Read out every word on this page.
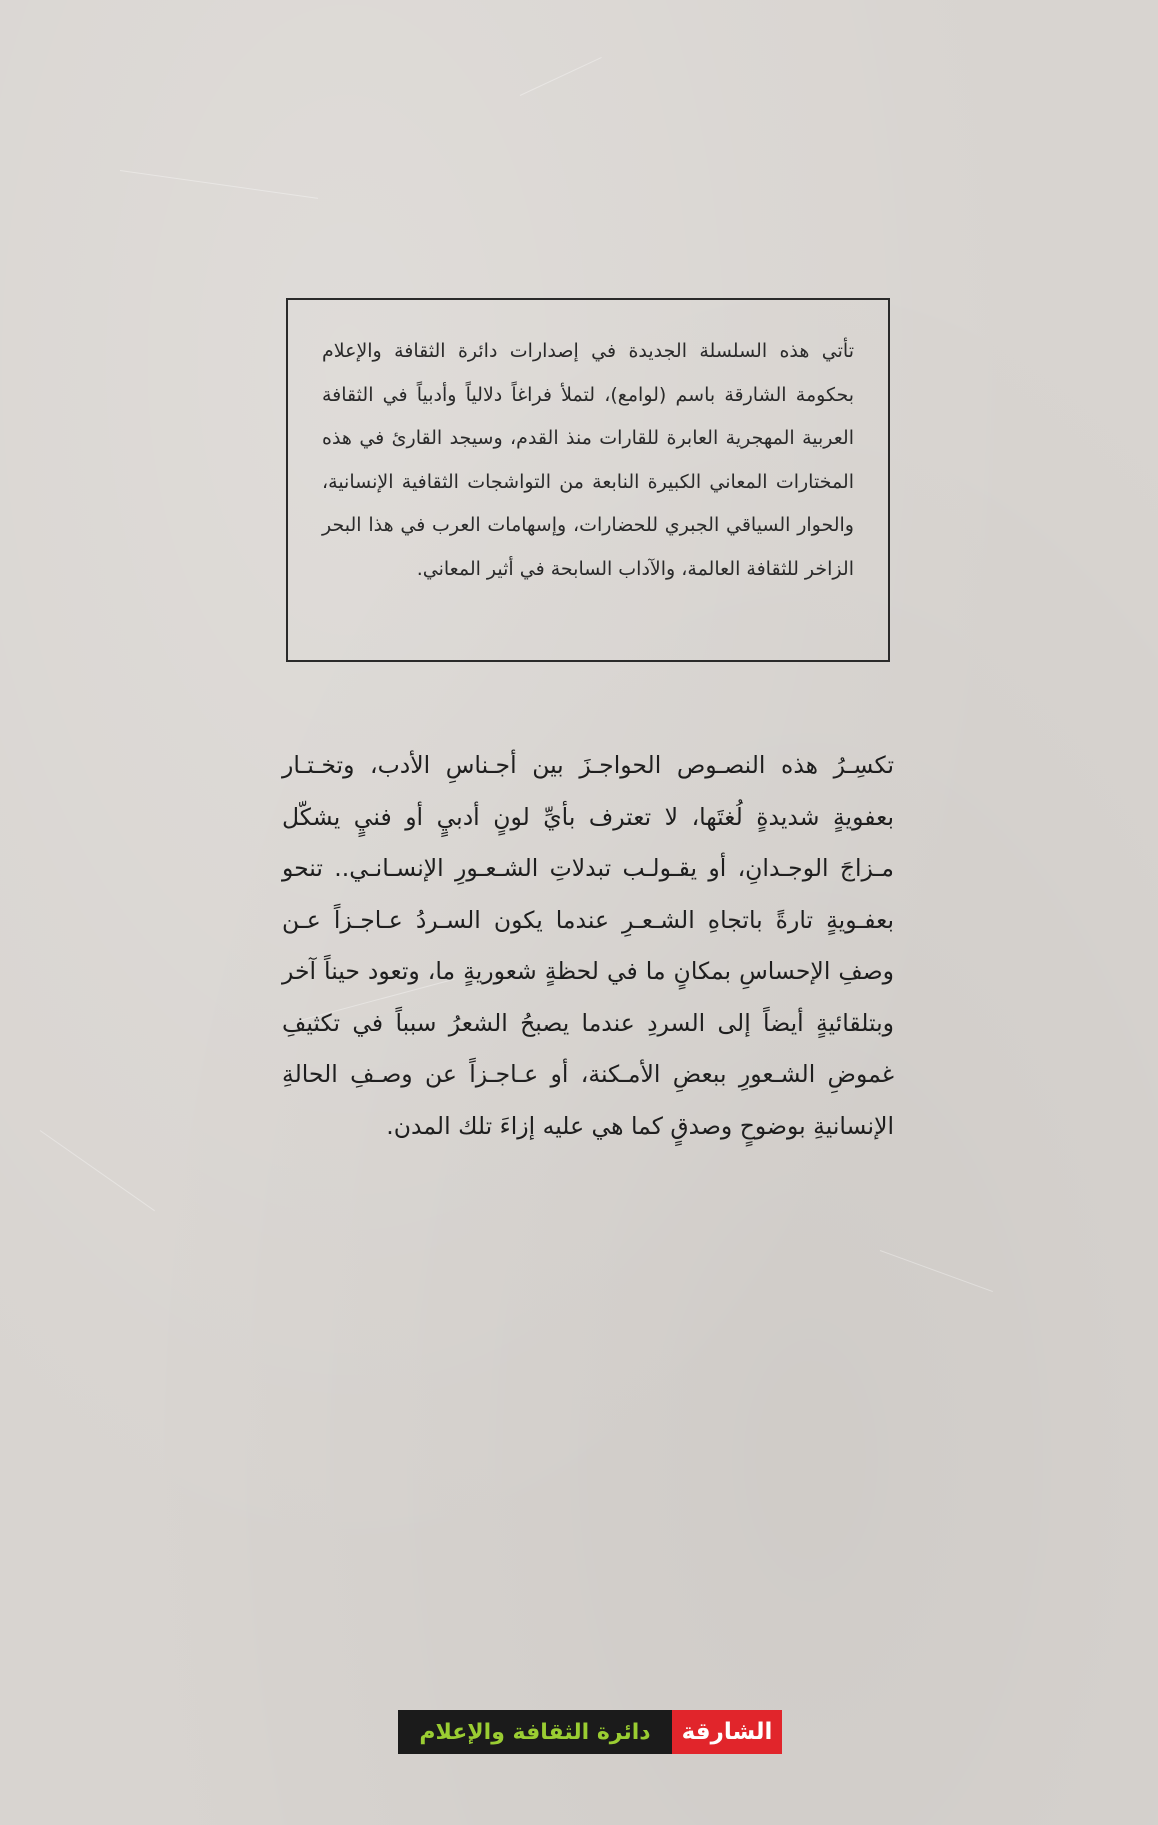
تأتي هذه السلسلة الجديدة في إصدارات دائرة الثقافة والإعلام بحكومة الشارقة باسم (لوامع)، لتملأ فراغاً دلالياً وأدبياً في الثقافة العربية المهجرية العابرة للقارات منذ القدم، وسيجد القارئ في هذه المختارات المعاني الكبيرة النابعة من التواشجات الثقافية الإنسانية، والحوار السياقي الجبري للحضارات، وإسهامات العرب في هذا البحر الزاخر للثقافة العالمة، والآداب السابحة في أثير المعاني.

تكسِـرُ هذه النصـوص الحواجـزَ بين أجـناسِ الأدب، وتخـتـار بعفويةٍ شديدةٍ لُغتَها، لا تعترف بأيِّ لونٍ أدبيٍ أو فنيٍ يشكّل مـزاجَ الوجـدانِ، أو يقـولـب تبدلاتِ الشـعـورِ الإنسـانـي.. تنحو بعفـويةٍ تارةً باتجاهِ الشـعـرِ عندما يكون السـردُ عـاجـزاً عـن وصفِ الإحساسِ بمكانٍ ما في لحظةٍ شعوريةٍ ما، وتعود حيناً آخر وبتلقائيةٍ أيضاً إلى السردِ عندما يصبحُ الشعرُ سبباً في تكثيفِ غموضِ الشـعورِ ببعضِ الأمـكنة، أو عـاجـزاً عن وصـفِ الحالةِ الإنسانيةِ بوضوحٍ وصدقٍ كما هي عليه إزاءَ تلك المدن.

الشارقة
دائرة الثقافة والإعلام
